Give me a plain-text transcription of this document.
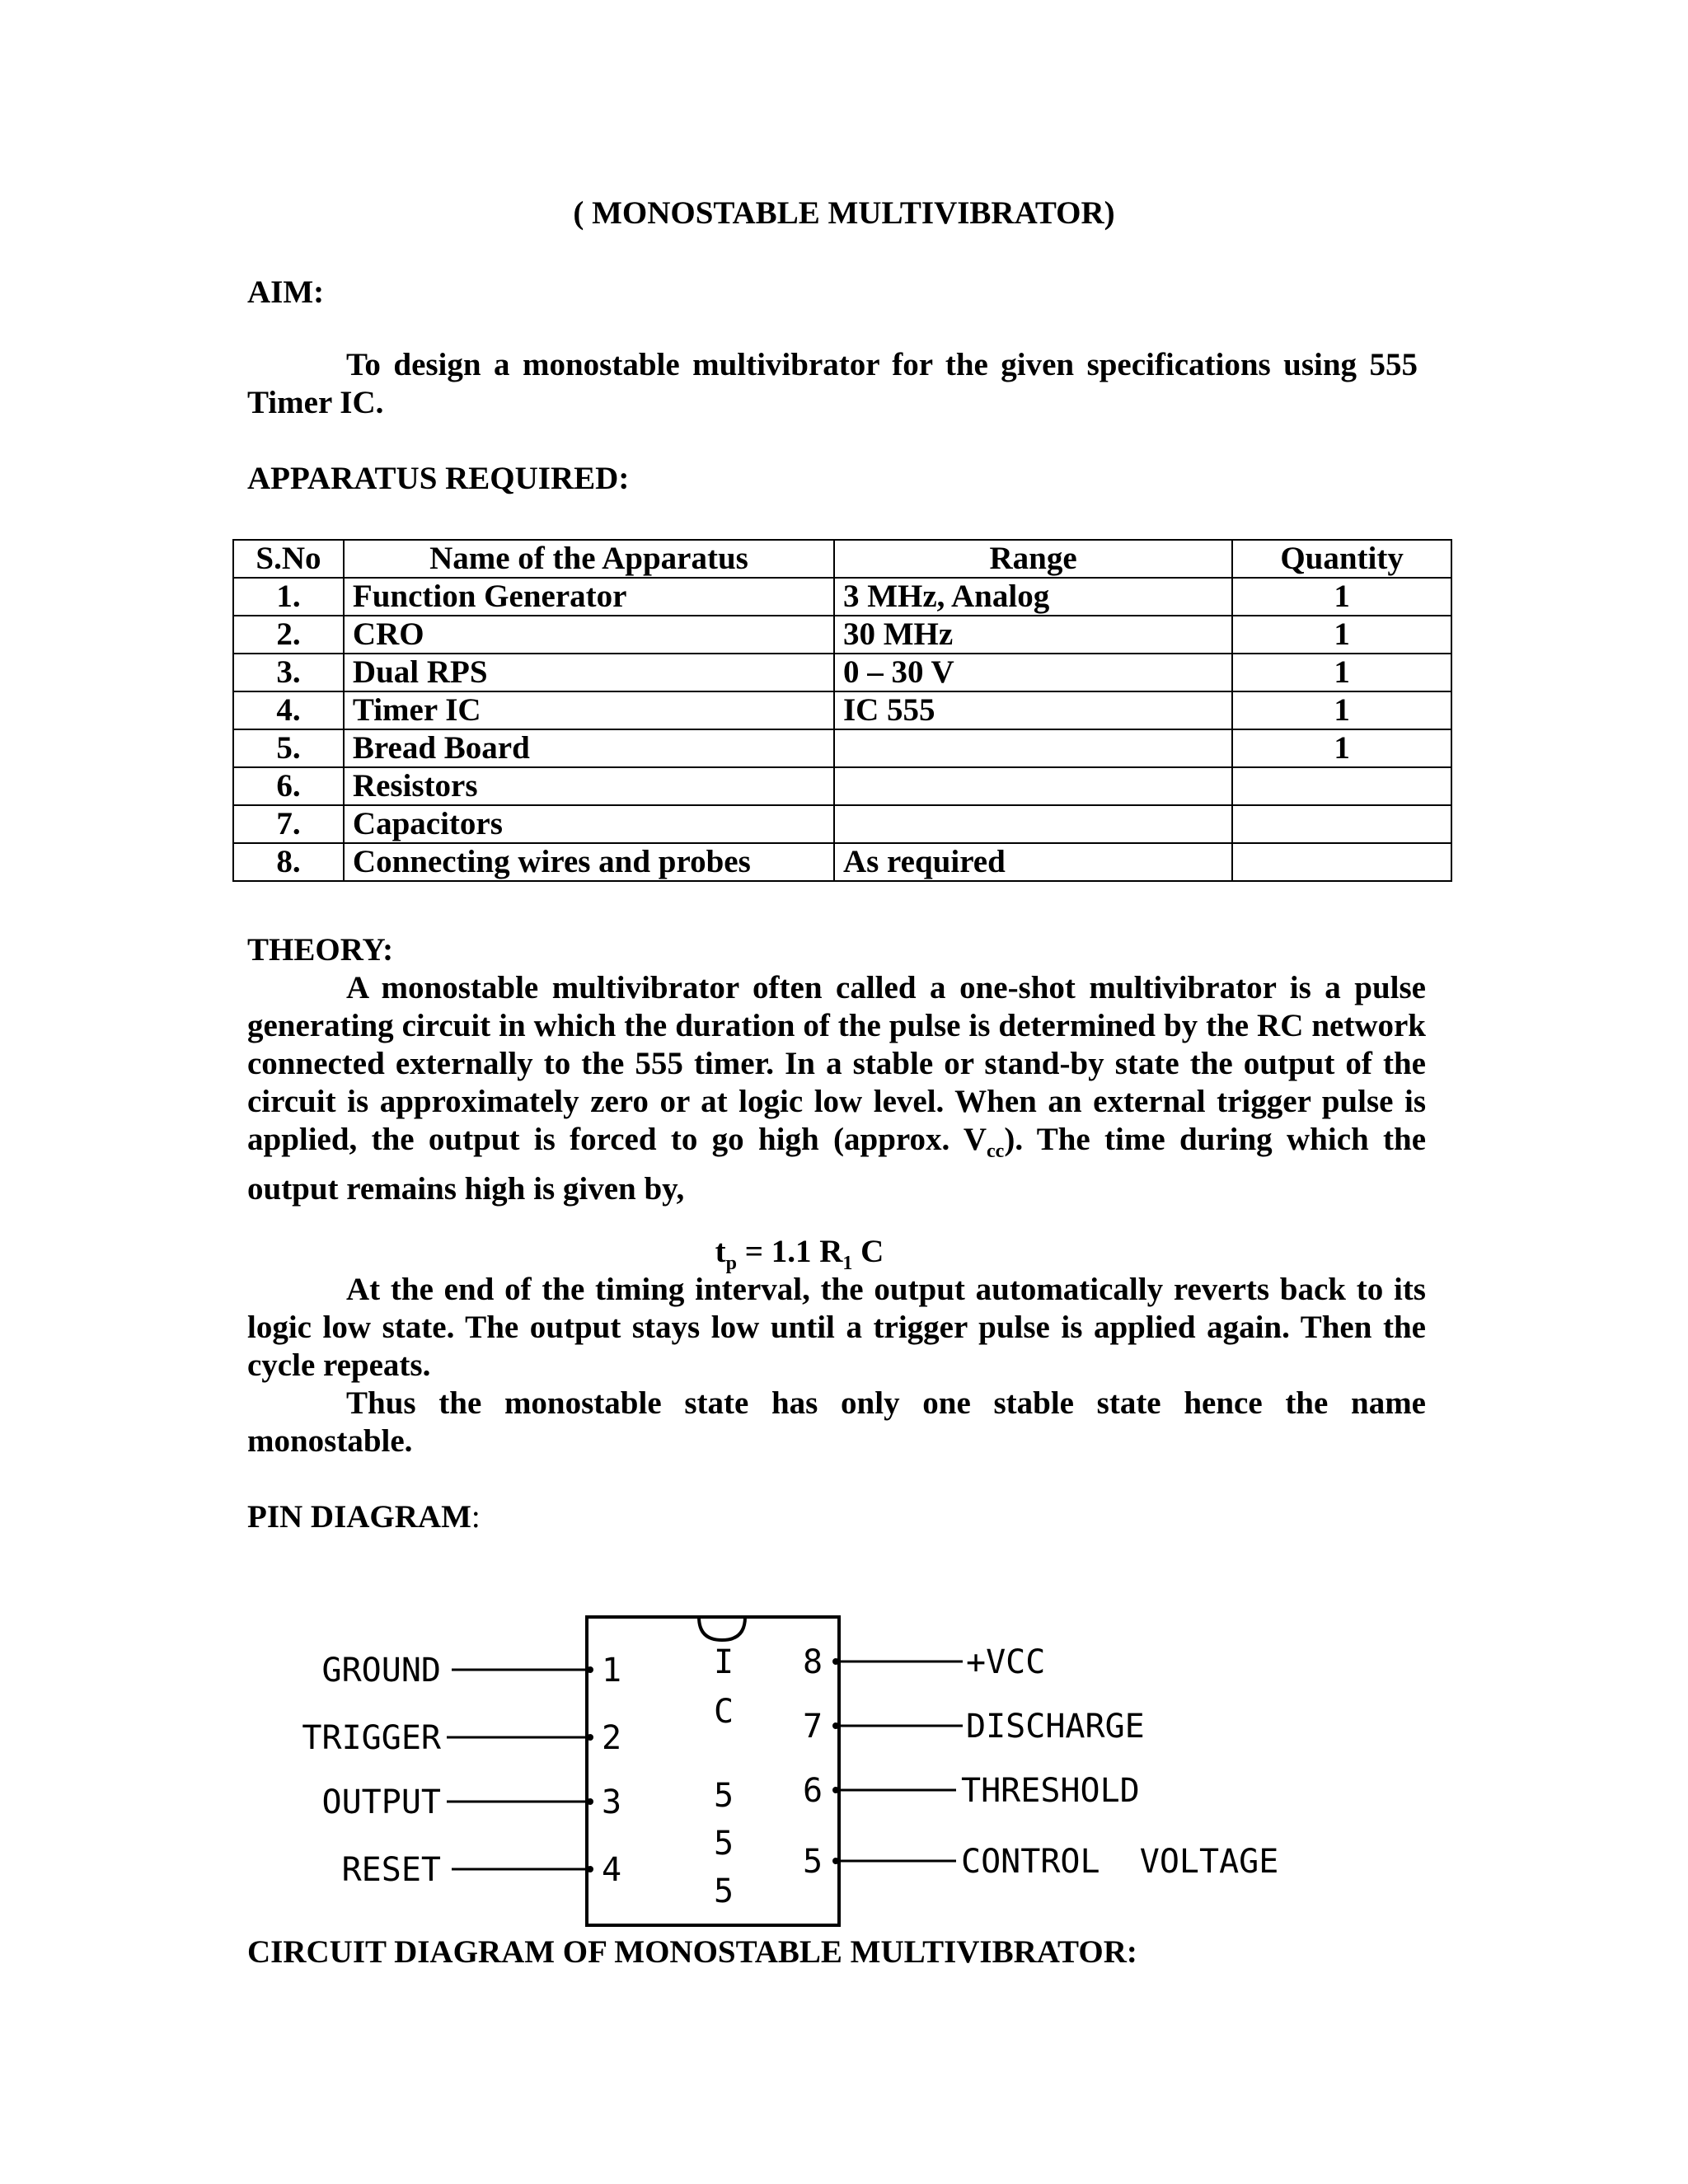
( MONOSTABLE MULTIVIBRATOR)
AIM:
To design a monostable multivibrator for the given specifications using 555 Timer IC.
APPARATUS REQUIRED:
S.No	Name of the Apparatus	Range	Quantity
1.	Function Generator	3 MHz, Analog	1
2.	CRO	30 MHz	1
3.	Dual RPS	0 – 30 V	1
4.	Timer IC	IC 555	1
5.	Bread Board		1
6.	Resistors		
7.	Capacitors		
8.	Connecting wires and probes	As required	
THEORY:
A monostable multivibrator often called a one-shot multivibrator is a pulse generating circuit in which the duration of the pulse is determined by the RC network connected externally to the 555 timer. In a stable or stand-by state the output of the circuit is approximately zero or at logic low level. When an external trigger pulse is applied, the output is forced to go high (approx. $V_{cc}$). The time during which the output remains high is given by,
$t_p = 1.1$ $R_1$ C
At the end of the timing interval, the output automatically reverts back to its logic low state. The output stays low until a trigger pulse is applied again. Then the cycle repeats.
Thus the monostable state has only one stable state hence the name monostable.
PIN DIAGRAM:
I
C
5
5
5
GROUND
TRIGGER
OUTPUT
RESET
1
2
3
4
8
7
6
5
+VCC
DISCHARGE
THRESHOLD
CONTROL  VOLTAGE
CIRCUIT DIAGRAM OF MONOSTABLE MULTIVIBRATOR:
